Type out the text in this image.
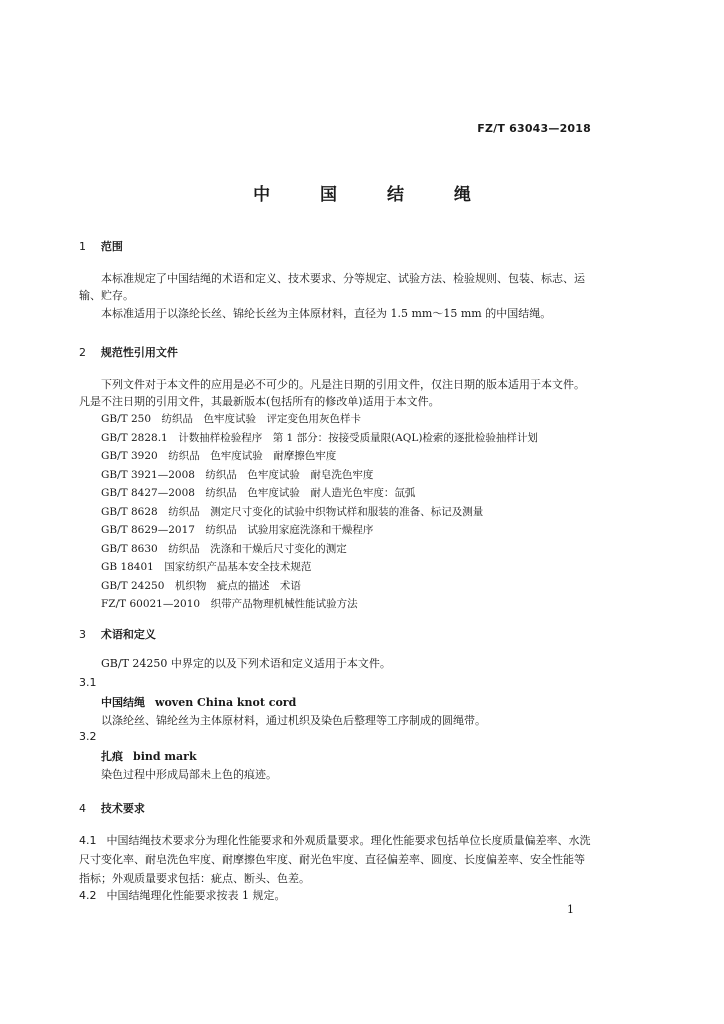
FZ/T 63043—2018
中 国 结 绳
1 范围
本标准规定了中国结绳的术语和定义、技术要求、分等规定、试验方法、检验规则、包装、标志、运输、贮存。
本标准适用于以涤纶长丝、锦纶长丝为主体原材料，直径为 1.5 mm～15 mm 的中国结绳。
2 规范性引用文件
下列文件对于本文件的应用是必不可少的。凡是注日期的引用文件，仅注日期的版本适用于本文件。凡是不注日期的引用文件，其最新版本(包括所有的修改单)适用于本文件。
GB/T 250　纺织品　色牢度试验　评定变色用灰色样卡
GB/T 2828.1　计数抽样检验程序　第 1 部分：按接受质量限(AQL)检索的逐批检验抽样计划
GB/T 3920　纺织品　色牢度试验　耐摩擦色牢度
GB/T 3921—2008　纺织品　色牢度试验　耐皂洗色牢度
GB/T 8427—2008　纺织品　色牢度试验　耐人造光色牢度：氙弧
GB/T 8628　纺织品　测定尺寸变化的试验中织物试样和服装的准备、标记及测量
GB/T 8629—2017　纺织品　试验用家庭洗涤和干燥程序
GB/T 8630　纺织品　洗涤和干燥后尺寸变化的测定
GB 18401　国家纺织产品基本安全技术规范
GB/T 24250　机织物　疵点的描述　术语
FZ/T 60021—2010　织带产品物理机械性能试验方法
3 术语和定义
GB/T 24250 中界定的以及下列术语和定义适用于本文件。
3.1
中国结绳 woven China knot cord
以涤纶丝、锦纶丝为主体原材料，通过机织及染色后整理等工序制成的圆绳带。
3.2
扎痕 bind mark
染色过程中形成局部未上色的痕迹。
4 技术要求
4.1 中国结绳技术要求分为理化性能要求和外观质量要求。理化性能要求包括单位长度质量偏差率、水洗尺寸变化率、耐皂洗色牢度、耐摩擦色牢度、耐光色牢度、直径偏差率、圆度、长度偏差率、安全性能等指标；外观质量要求包括：疵点、断头、色差。
4.2 中国结绳理化性能要求按表 1 规定。
1
